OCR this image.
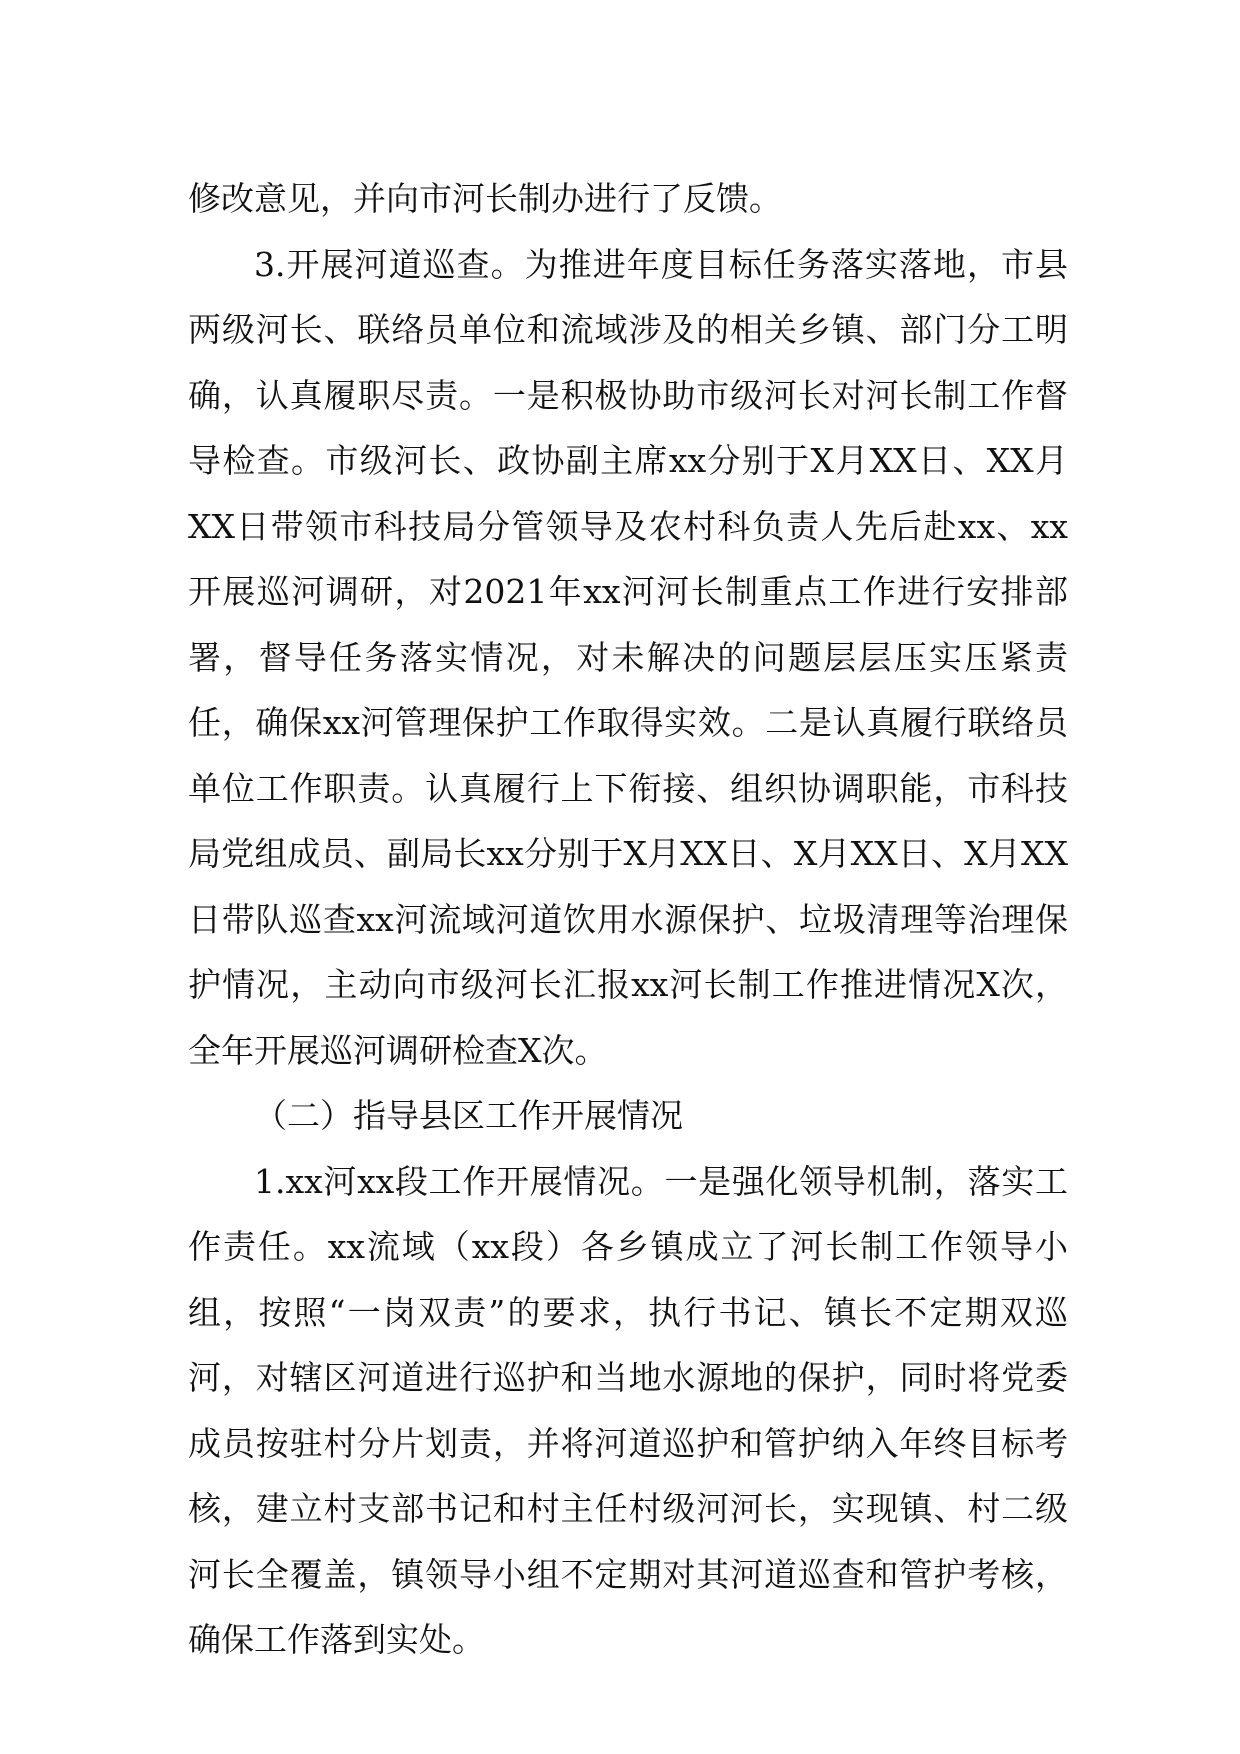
修改意见，并向市河长制办进行了反馈。

3.开展河道巡查。为推进年度目标任务落实落地，市县两级河长、联络员单位和流域涉及的相关乡镇、部门分工明确，认真履职尽责。一是积极协助市级河长对河长制工作督导检查。市级河长、政协副主席xx分别于X月XX日、XX月XX日带领市科技局分管领导及农村科负责人先后赴xx、xx开展巡河调研，对2021年xx河河长制重点工作进行安排部署，督导任务落实情况，对未解决的问题层层压实压紧责任，确保xx河管理保护工作取得实效。二是认真履行联络员单位工作职责。认真履行上下衔接、组织协调职能，市科技局党组成员、副局长xx分别于X月XX日、X月XX日、X月XX日带队巡查xx河流域河道饮用水源保护、垃圾清理等治理保护情况，主动向市级河长汇报xx河长制工作推进情况X次，全年开展巡河调研检查X次。

（二）指导县区工作开展情况

1.xx河xx段工作开展情况。一是强化领导机制，落实工作责任。xx流域（xx段）各乡镇成立了河长制工作领导小组，按照“一岗双责”的要求，执行书记、镇长不定期双巡河，对辖区河道进行巡护和当地水源地的保护，同时将党委成员按驻村分片划责，并将河道巡护和管护纳入年终目标考核，建立村支部书记和村主任村级河河长，实现镇、村二级河长全覆盖，镇领导小组不定期对其河道巡查和管护考核，确保工作落到实处。
